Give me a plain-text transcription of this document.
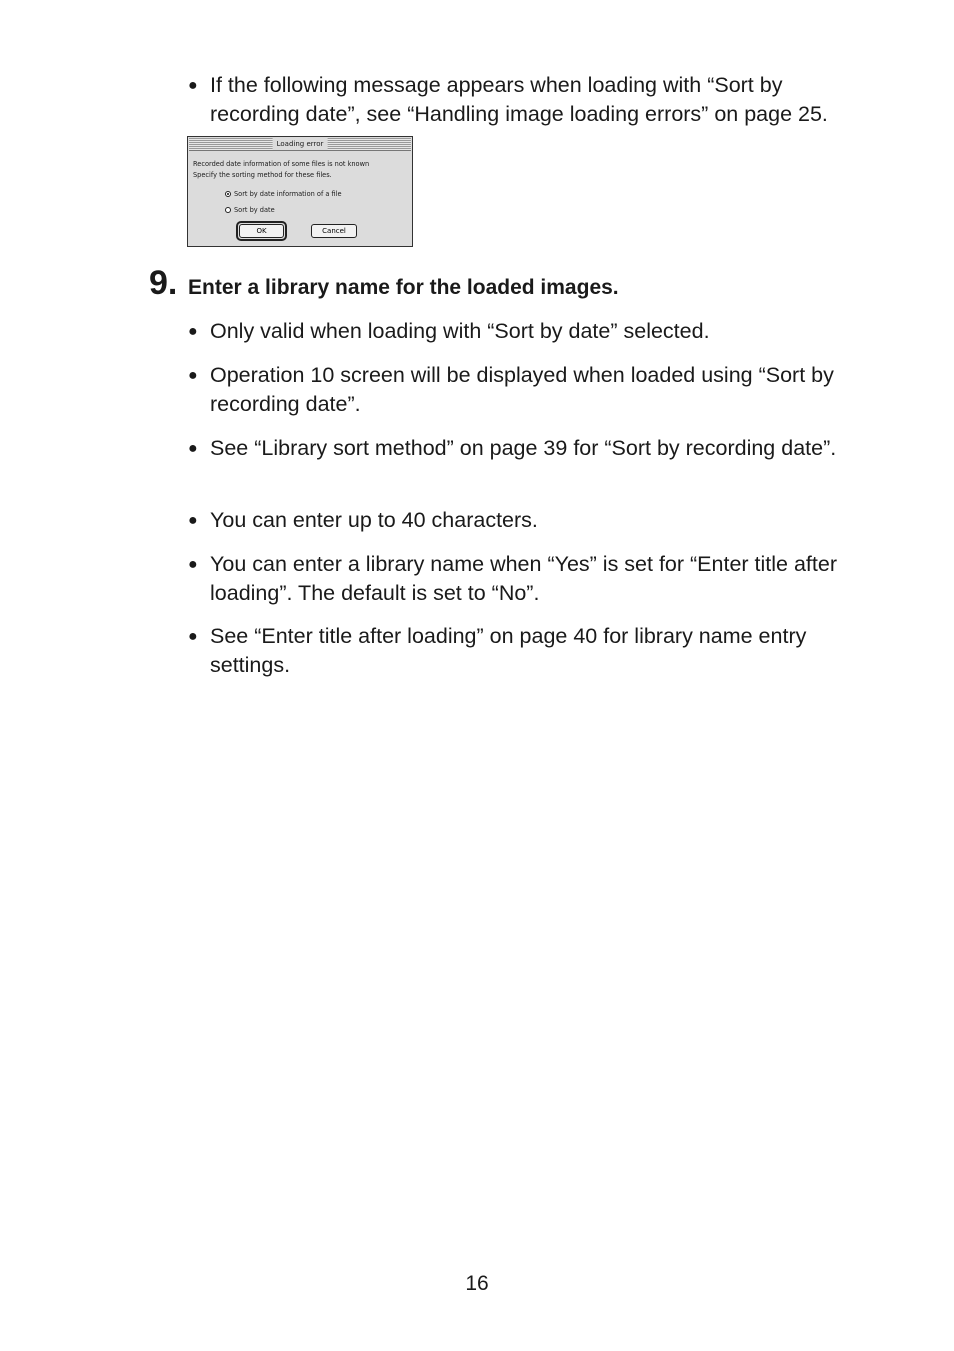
● If the following message appears when loading with “Sort by recording date”, see “Handling image loading errors” on page 25.
Loading error
Recorded date information of some files is not known
Specify the sorting method for these files.
Sort by date information of a file
Sort by date
OK	Cancel
9. Enter a library name for the loaded images.
● Only valid when loading with “Sort by date” selected.
● Operation 10 screen will be displayed when loaded using “Sort by recording date”.
● See “Library sort method” on page 39 for “Sort by recording date”.
● You can enter up to 40 characters.
● You can enter a library name when “Yes” is set for “Enter title after loading”. The default is set to “No”.
● See “Enter title after loading” on page 40 for library name entry settings.
16
